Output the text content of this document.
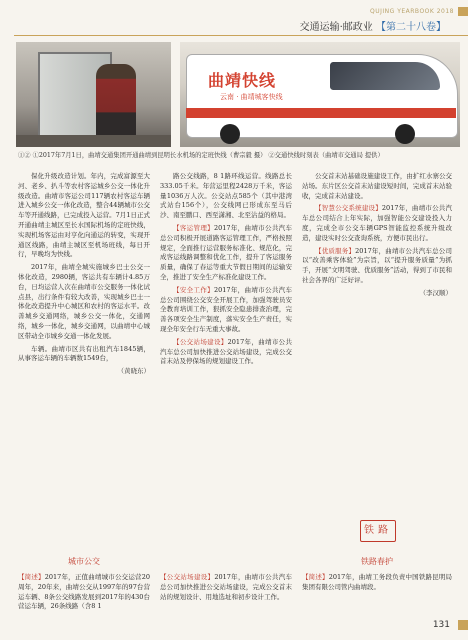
QUJING YEARBOOK 2018
交通运输·邮政业 【第二十八卷】
曲靖快线
云南 · 曲靖城客快线
①② ①2017年7月1日，曲靖交通集团开通曲靖到昆明长水机场的定班快线（曹宗毅 摄） ②交通快线时刻表（曲靖市交通局 提供）

保化升级改造计划。年内，完成富源至大河、老乡、扒斗等农村客运城乡公交一体化升级改造。曲靖市客运公司117辆农村客运车辆进入城乡公交一体化改造，整合44辆城市公交车等开通线路，已完成投入运营。7月1日正式开通曲靖主城区至长水国际机场的定班快线，实现机场客运由对亨化向通运的转变，实现开通区线路，曲靖主城区至机场班线，每日开行，早晚均为快线。

2017年，曲靖全城实施城乡巴士公交一体化改造，2980辆，客运共有车辆计4.85万台，日均运营人次在曲靖市公交服务一体化试点县，出行条件有较大改善，实现城乡巴士一体化改造提升中心城区和农村的客运水平。改善城乡交通网络，城乡公交一体化，交通网络，城乡一体化，城乡交通网，以曲靖中心城区带动全市城乡交通一体化发展。

车辆。曲靖市区共有出租汽车1845辆，从事客运车辆的车辆数1549台，

（黄晓东）

路公交线路，8 1路环线运营。线路总长333.05千米。年营运里程2428万千米，客运量1036万人次。公交站点585个（其中港湾式站台156个），公交线网已形成东至马后沙、南至鹏口、西至潇湘、北至沾益的格局。

【客运管理】2017年，曲靖市公共汽车总公司积极开展道路客运管理工作，严格按照规定，全面推行运营服务标准化、规范化，完成客运线路调整和优化工作，提升了客运服务质量，确保了春运等重大节假日期间的运输安全，推进了安全生产标准化建设工作。

【安全工作】2017年，曲靖市公共汽车总公司围绕公交安全开展工作，加强驾驶员安全教育培训工作，狠抓安全隐患排查治理，完善各项安全生产制度，落实安全生产责任，实现全年安全行车无重大事故。

【公交站场建设】2017年，曲靖市公共汽车总公司加快推进公交站场建设，完成公交首末站及停保场的规划建设工作。

公交首末站基础设施建设工作，由扩红水寨公交站场。东片区公交首末站建设短时间，完成首末站验收，完成首末站建设。

【智慧公交系统建设】2017年，曲靖市公共汽车总公司结合上年实际，加强智能公交建设投入力度，完成全市公交车辆GPS智能监控系统升级改造，建设实时公交查询系统，方便市民出行。

【优质服务】2017年，曲靖市公共汽车总公司以“改善乘客体验”为宗旨，以“提升服务质量”为抓手，开展“文明驾驶、优质服务”活动，得到了市民和社会各界的广泛好评。

（李汉顺）
铁路
城市公交	铁路春护
【简述】2017年，正值曲靖城市公交运营20周年，20年来，曲靖公交从1997年的97台营运车辆、8条公交线路发展到2017年的430台营运车辆，26条线路（含8 1
【公交站场建设】2017年，曲靖市公共汽车总公司加快推进公交站场建设，完成公交首末站的规划设计、用地选址和初步设计工作。
【简述】2017年，曲靖工务段负责中国铁路昆明局集团有限公司管内曲靖段。
131
